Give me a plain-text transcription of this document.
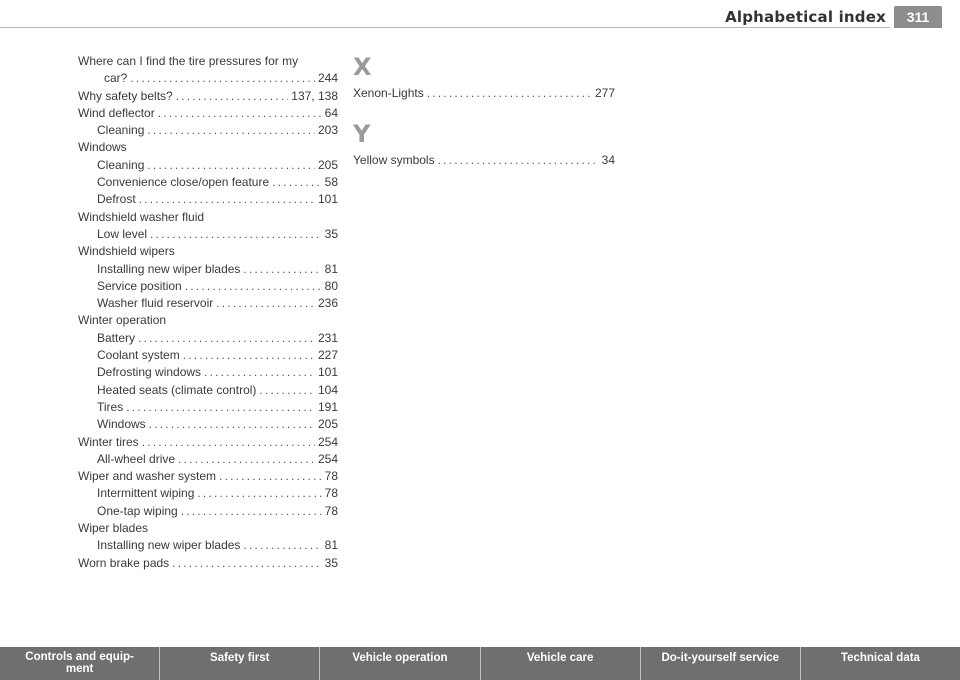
Alphabetical index	311
Where can I find the tire pressures for my
car? .....	244
Why safety belts? .....	137, 138
Wind deflector .....	64
Cleaning .....	203
Windows
Cleaning .....	205
Convenience close/open feature .....	58
Defrost .....	101
Windshield washer fluid
Low level .....	35
Windshield wipers
Installing new wiper blades .....	81
Service position .....	80
Washer fluid reservoir .....	236
Winter operation
Battery .....	231
Coolant system .....	227
Defrosting windows .....	101
Heated seats (climate control) .....	104
Tires .....	191
Windows .....	205
Winter tires .....	254
All-wheel drive .....	254
Wiper and washer system .....	78
Intermittent wiping .....	78
One-tap wiping .....	78
Wiper blades
Installing new wiper blades .....	81
Worn brake pads .....	35
X
Xenon-Lights .....	277
Y
Yellow symbols .....	34
Controls and equip-
ment
Safety first	Vehicle operation	Vehicle care	Do-it-yourself service	Technical data
